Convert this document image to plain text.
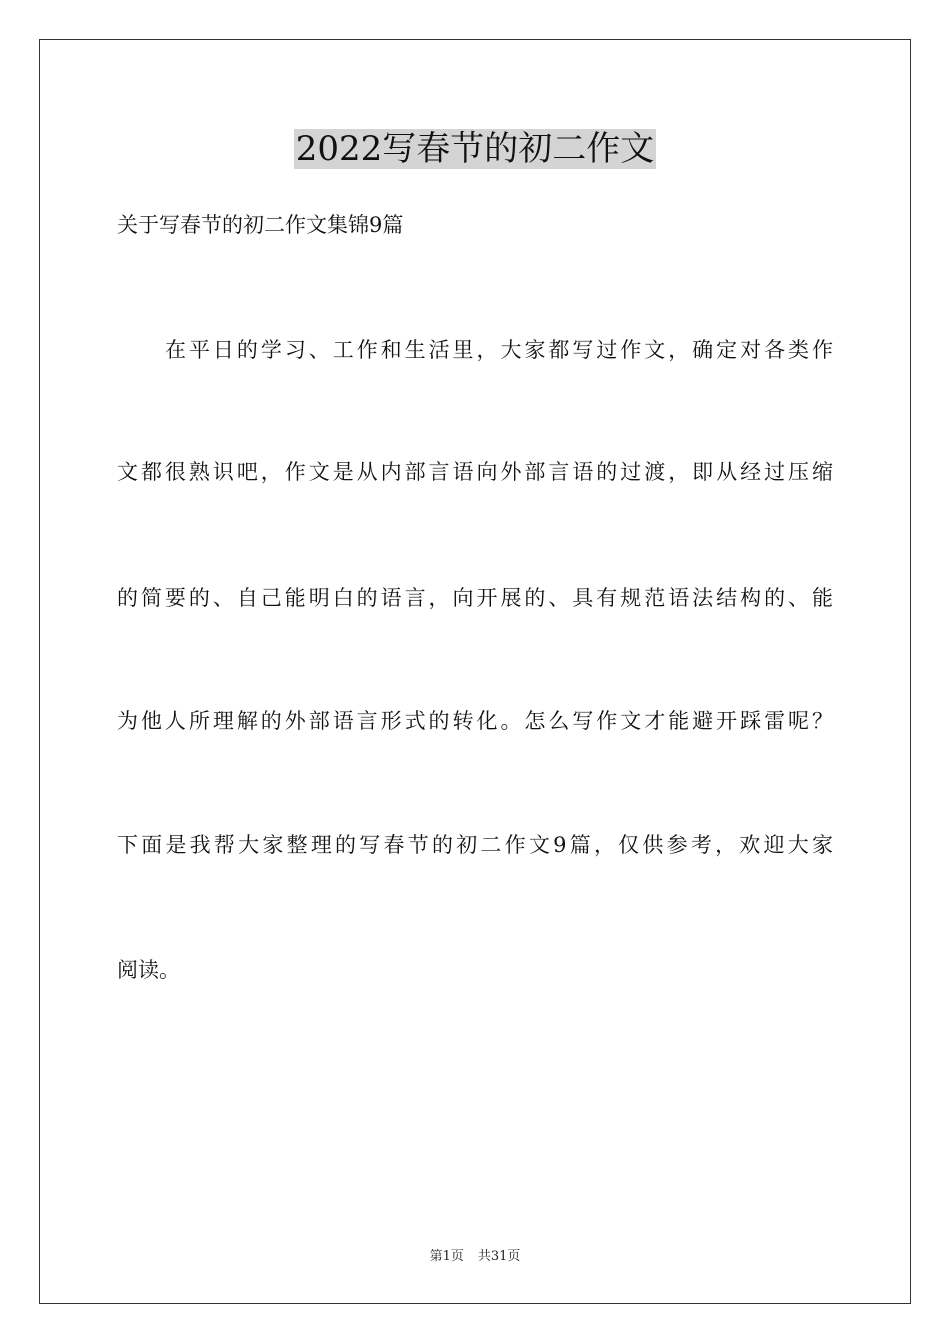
2022写春节的初二作文
关于写春节的初二作文集锦9篇
在平日的学习、工作和生活里，大家都写过作文，确定对各类作
文都很熟识吧，作文是从内部言语向外部言语的过渡，即从经过压缩
的简要的、自己能明白的语言，向开展的、具有规范语法结构的、能
为他人所理解的外部语言形式的转化。怎么写作文才能避开踩雷呢？
下面是我帮大家整理的写春节的初二作文9篇，仅供参考，欢迎大家
阅读。
第1页 共31页
